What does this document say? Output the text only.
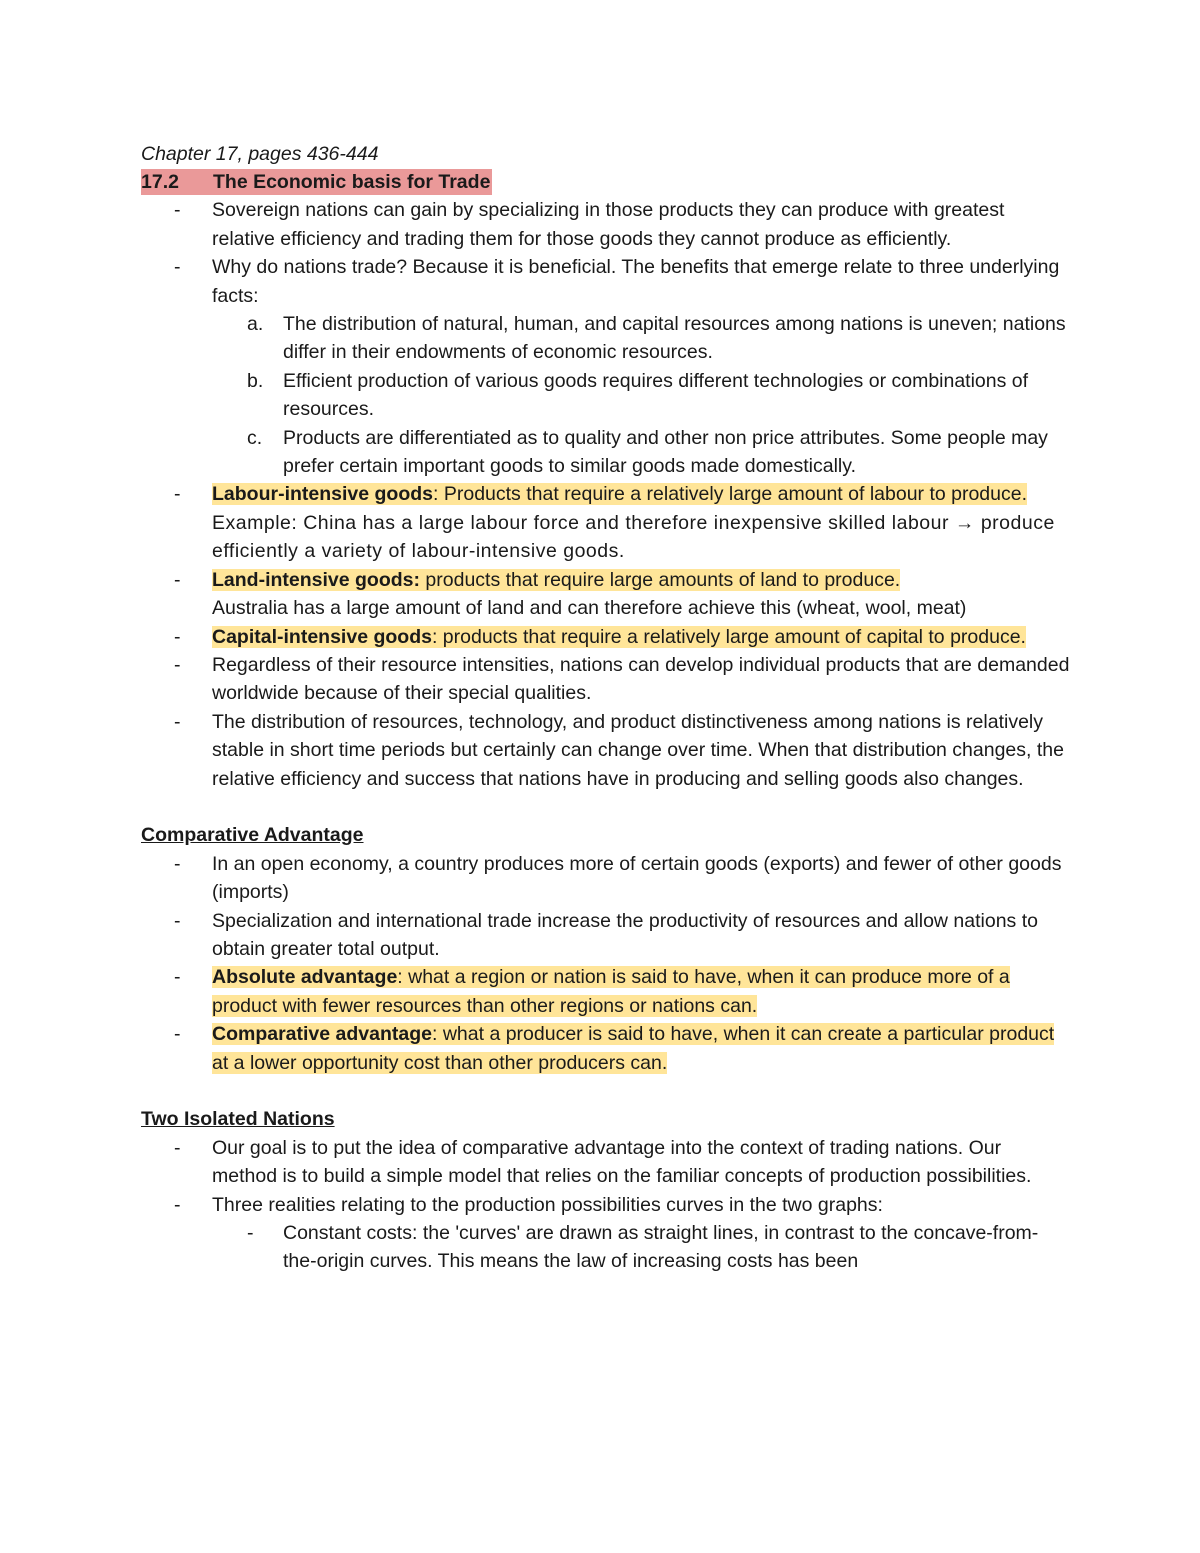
Chapter 17, pages 436-444

17.2 The Economic basis for Trade
- Sovereign nations can gain by specializing in those products they can produce with greatest relative efficiency and trading them for those goods they cannot produce as efficiently.
- Why do nations trade? Because it is beneficial. The benefits that emerge relate to three underlying facts:
a. The distribution of natural, human, and capital resources among nations is uneven; nations differ in their endowments of economic resources.
b. Efficient production of various goods requires different technologies or combinations of resources.
c. Products are differentiated as to quality and other non price attributes. Some people may prefer certain important goods to similar goods made domestically.
- Labour-intensive goods: Products that require a relatively large amount of labour to produce. Example: China has a large labour force and therefore inexpensive skilled labour → produce efficiently a variety of labour-intensive goods.
- Land-intensive goods: products that require large amounts of land to produce.
Australia has a large amount of land and can therefore achieve this (wheat, wool, meat)
- Capital-intensive goods: products that require a relatively large amount of capital to produce.
- Regardless of their resource intensities, nations can develop individual products that are demanded worldwide because of their special qualities.
- The distribution of resources, technology, and product distinctiveness among nations is relatively stable in short time periods but certainly can change over time. When that distribution changes, the relative efficiency and success that nations have in producing and selling goods also changes.

Comparative Advantage

- In an open economy, a country produces more of certain goods (exports) and fewer of other goods (imports)
- Specialization and international trade increase the productivity of resources and allow nations to obtain greater total output.
- Absolute advantage: what a region or nation is said to have, when it can produce more of a product with fewer resources than other regions or nations can.
- Comparative advantage: what a producer is said to have, when it can create a particular product at a lower opportunity cost than other producers can.

Two Isolated Nations

- Our goal is to put the idea of comparative advantage into the context of trading nations. Our method is to build a simple model that relies on the familiar concepts of production possibilities.
- Three realities relating to the production possibilities curves in the two graphs:
- Constant costs: the 'curves' are drawn as straight lines, in contrast to the concave-from-the-origin curves. This means the law of increasing costs has been
